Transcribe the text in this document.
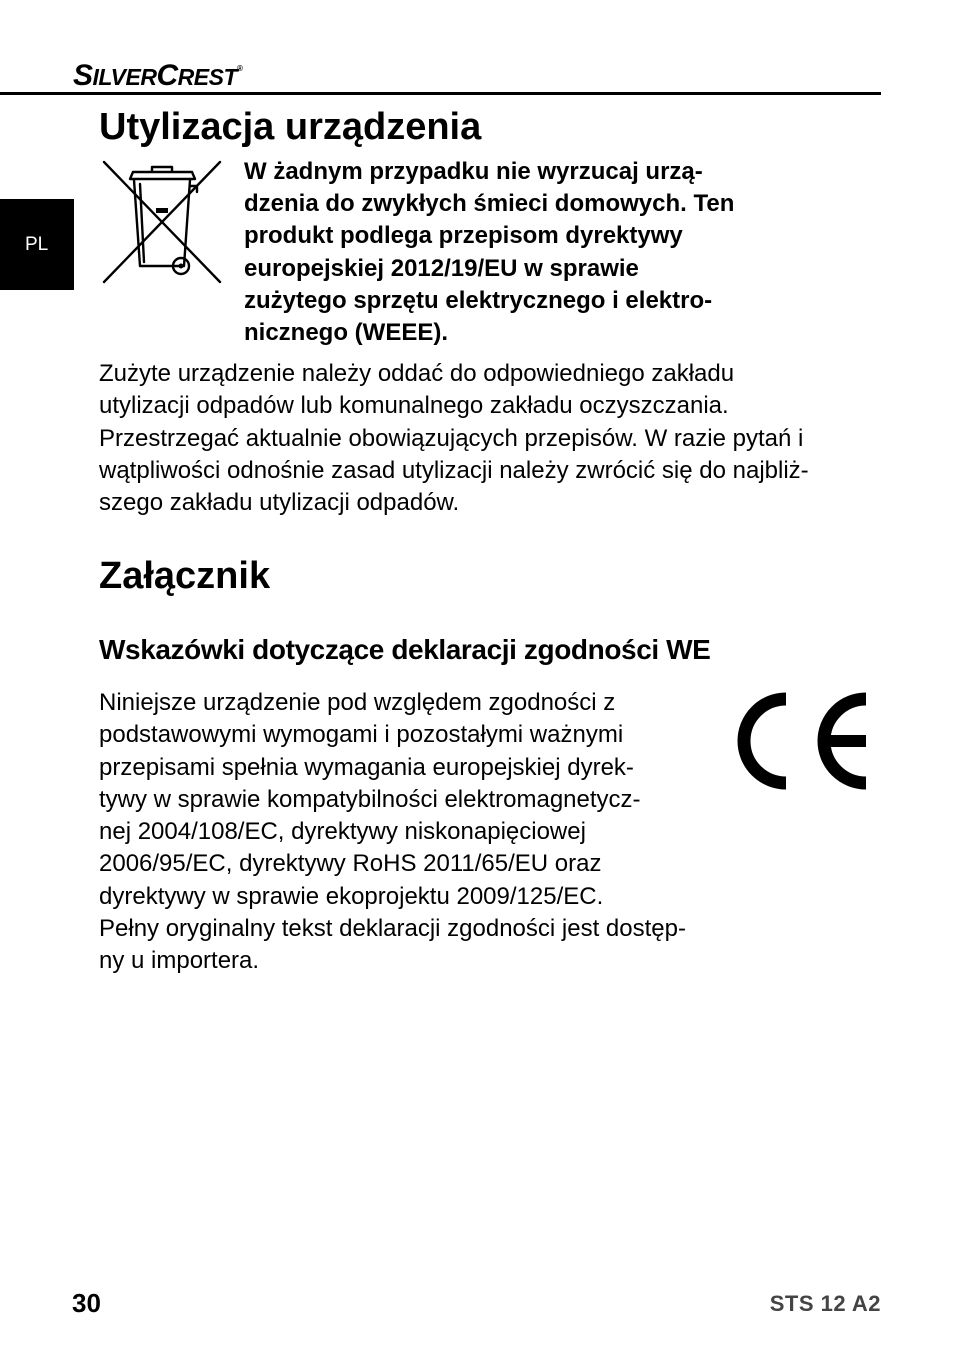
SILVERCREST®
PL
Utylizacja urządzenia

W żadnym przypadku nie wyrzucaj urzą-
dzenia do zwykłych śmieci domowych. Ten
produkt podlega przepisom dyrektywy
europejskiej 2012/19/EU w sprawie
zużytego sprzętu elektrycznego i elektro-
nicznego (WEEE).

Zużyte urządzenie należy oddać do odpowiedniego zakładu
utylizacji odpadów lub komunalnego zakładu oczyszczania.
Przestrzegać aktualnie obowiązujących przepisów. W razie pytań i
wątpliwości odnośnie zasad utylizacji należy zwrócić się do najbliż-
szego zakładu utylizacji odpadów.

Załącznik
Wskazówki dotyczące deklaracji zgodności WE

Niniejsze urządzenie pod względem zgodności z
podstawowymi wymogami i pozostałymi ważnymi
przepisami spełnia wymagania europejskiej dyrek-
tywy w sprawie kompatybilności elektromagnetycz-
nej 2004/108/EC, dyrektywy niskonapięciowej
2006/95/EC, dyrektywy RoHS 2011/65/EU oraz
dyrektywy w sprawie ekoprojektu 2009/125/EC.
Pełny oryginalny tekst deklaracji zgodności jest dostęp-
ny u importera.

30	STS 12 A2
